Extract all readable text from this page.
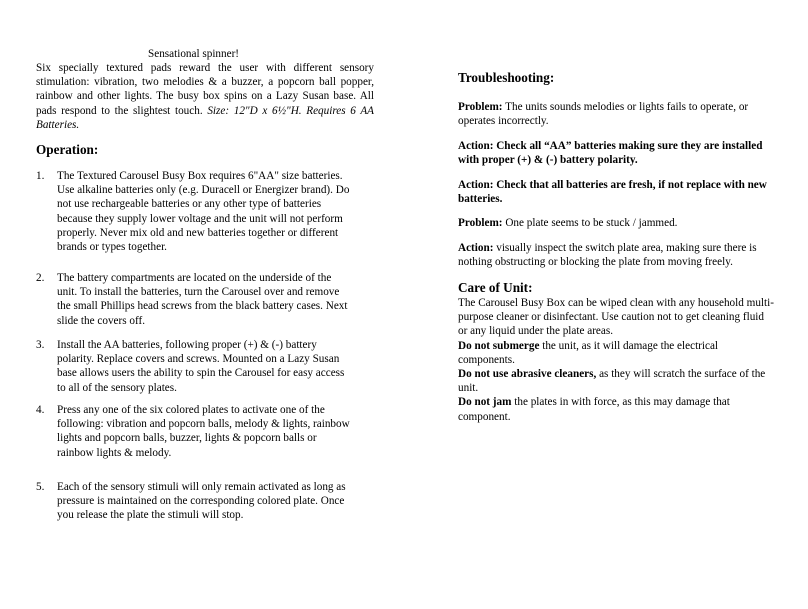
Sensational spinner!
Six specially textured pads reward the user with different sensory stimulation: vibration, two melodies & a buzzer, a popcorn ball popper, rainbow and other lights. The busy box spins on a Lazy Susan base. All pads respond to the slightest touch. Size: 12"D x 6½"H. Requires 6 AA Batteries.
Operation:
1.	The Textured Carousel Busy Box requires 6"AA" size batteries. Use alkaline batteries only (e.g. Duracell or Energizer brand). Do not use rechargeable batteries or any other type of batteries because they supply lower voltage and the unit will not perform properly. Never mix old and new batteries together or different brands or types together.
2.	The battery compartments are located on the underside of the unit. To install the batteries, turn the Carousel over and remove the small Phillips head screws from the black battery cases. Next slide the covers off.
3.	Install the AA batteries, following proper (+) & (-) battery polarity. Replace covers and screws. Mounted on a Lazy Susan base allows users the ability to spin the Carousel for easy access to all of the sensory plates.
4.	Press any one of the six colored plates to activate one of the following: vibration and popcorn balls, melody & lights, rainbow lights and popcorn balls, buzzer, lights & popcorn balls or rainbow lights & melody.
5.	Each of the sensory stimuli will only remain activated as long as pressure is maintained on the corresponding colored plate. Once you release the plate the stimuli will stop.
Troubleshooting:
Problem: The units sounds melodies or lights fails to operate, or operates incorrectly.
Action: Check all “AA” batteries making sure they are installed with proper (+) & (-) battery polarity.
Action: Check that all batteries are fresh, if not replace with new batteries.
Problem: One plate seems to be stuck / jammed.
Action: visually inspect the switch plate area, making sure there is nothing obstructing or blocking the plate from moving freely.
Care of Unit:
The Carousel Busy Box can be wiped clean with any household multi-purpose cleaner or disinfectant. Use caution not to get cleaning fluid or any liquid under the plate areas.
Do not submerge the unit, as it will damage the electrical components.
Do not use abrasive cleaners, as they will scratch the surface of the unit.
Do not jam the plates in with force, as this may damage that component.
